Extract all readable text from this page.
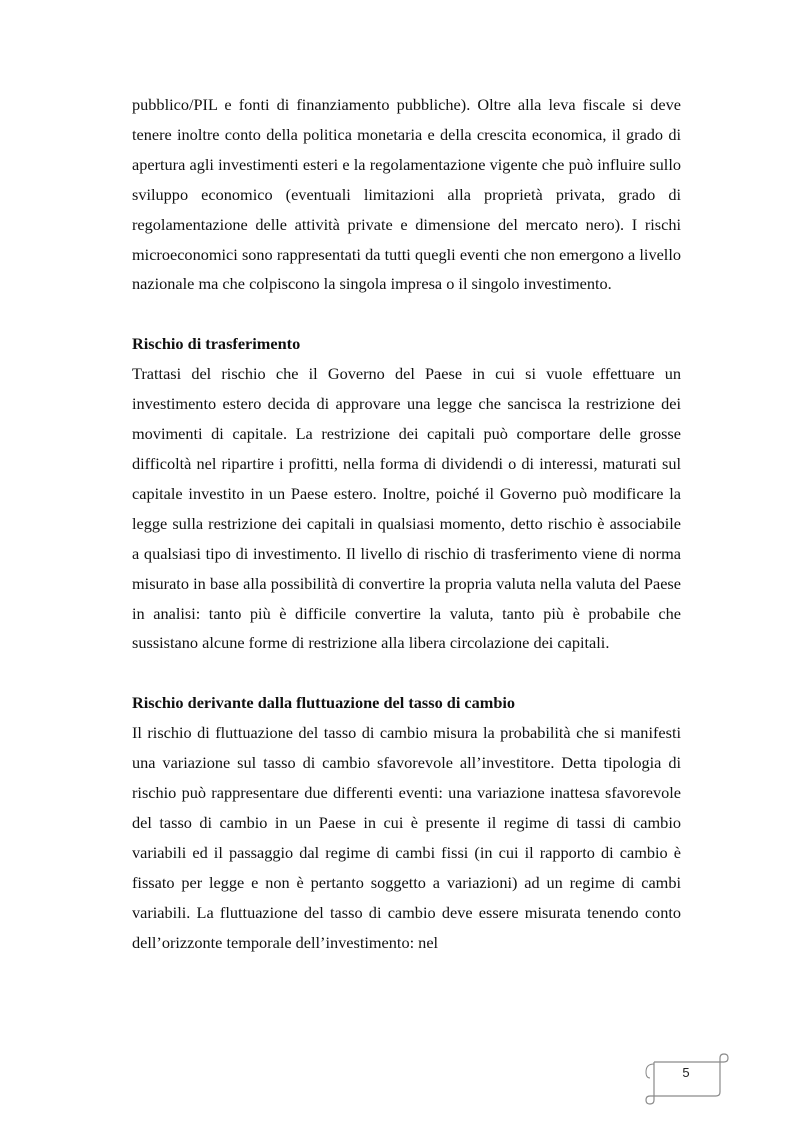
pubblico/PIL e fonti di finanziamento pubbliche). Oltre alla leva fiscale si deve tenere inoltre conto della politica monetaria e della crescita economica, il grado di apertura agli investimenti esteri e la regolamentazione vigente che può influire sullo sviluppo economico (eventuali limitazioni alla proprietà privata, grado di regolamentazione delle attività private e dimensione del mercato nero). I rischi microeconomici sono rappresentati da tutti quegli eventi che non emergono a livello nazionale ma che colpiscono la singola impresa o il singolo investimento.

Rischio di trasferimento

Trattasi del rischio che il Governo del Paese in cui si vuole effettuare un investimento estero decida di approvare una legge che sancisca la restrizione dei movimenti di capitale. La restrizione dei capitali può comportare delle grosse difficoltà nel ripartire i profitti, nella forma di dividendi o di interessi, maturati sul capitale investito in un Paese estero. Inoltre, poiché il Governo può modificare la legge sulla restrizione dei capitali in qualsiasi momento, detto rischio è associabile a qualsiasi tipo di investimento. Il livello di rischio di trasferimento viene di norma misurato in base alla possibilità di convertire la propria valuta nella valuta del Paese in analisi: tanto più è difficile convertire la valuta, tanto più è probabile che sussistano alcune forme di restrizione alla libera circolazione dei capitali.

Rischio derivante dalla fluttuazione del tasso di cambio

Il rischio di fluttuazione del tasso di cambio misura la probabilità che si manifesti una variazione sul tasso di cambio sfavorevole all’investitore. Detta tipologia di rischio può rappresentare due differenti eventi: una variazione inattesa sfavorevole del tasso di cambio in un Paese in cui è presente il regime di tassi di cambio variabili ed il passaggio dal regime di cambi fissi (in cui il rapporto di cambio è fissato per legge e non è pertanto soggetto a variazioni) ad un regime di cambi variabili. La fluttuazione del tasso di cambio deve essere misurata tenendo conto dell’orizzonte temporale dell’investimento: nel

5
